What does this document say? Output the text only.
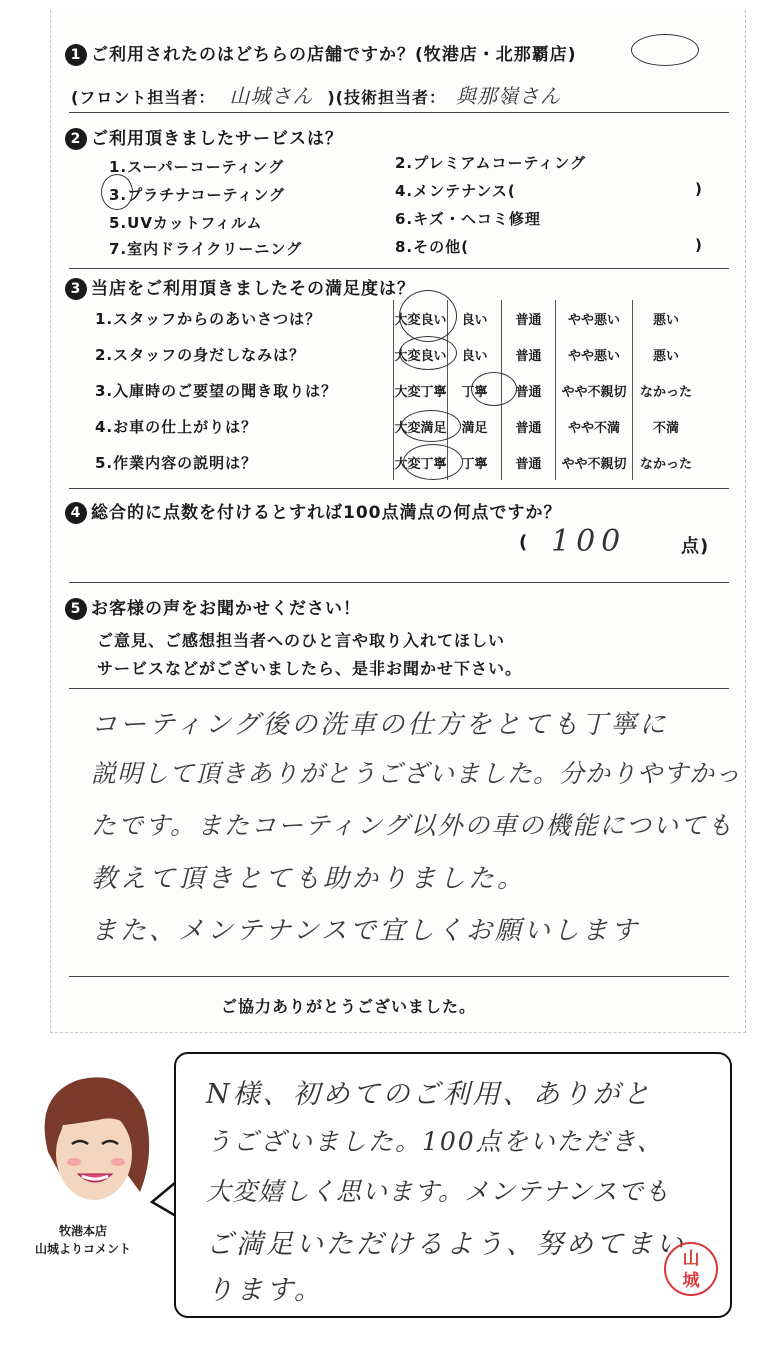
1 ご利用されたのはどちらの店舗ですか？(牧港店・北那覇店)
(フロント担当者： 山城さん )(技術担当者： 與那嶺さん
2 ご利用頂きましたサービスは？
1.スーパーコーティング	2.プレミアムコーティング
3.プラチナコーティング	4.メンテナンス(	)
5.UVカットフィルム	6.キズ・ヘコミ修理
7.室内ドライクリーニング	8.その他(	)
3 当店をご利用頂きましたその満足度は？
1.スタッフからのあいさつは？	大変良い	良い	普通	やや悪い	悪い
2.スタッフの身だしなみは？	大変良い	良い	普通	やや悪い	悪い
3.入庫時のご要望の聞き取りは？	大変丁寧	丁寧	普通	やや不親切	なかった
4.お車の仕上がりは？	大変満足	満足	普通	やや不満	不満
5.作業内容の説明は？	大変丁寧	丁寧	普通	やや不親切	なかった
4 総合的に点数を付けるとすれば100点満点の何点ですか？
( 100	点)
5 お客様の声をお聞かせください！
ご意見、ご感想担当者へのひと言や取り入れてほしい
サービスなどがございましたら、是非お聞かせ下さい。
コーティング後の洗車の仕方をとても丁寧に
説明して頂きありがとうございました。分かりやすかっ
たです。またコーティング以外の車の機能についても
教えて頂きとても助かりました。
また、メンテナンスで宜しくお願いします
ご協力ありがとうございました。
牧港本店
山城よりコメント
N様、初めてのご利用、ありがと
うございました。100点をいただき、
大変嬉しく思います。メンテナンスでも
ご満足いただけるよう、努めてまい
ります。
山
城
